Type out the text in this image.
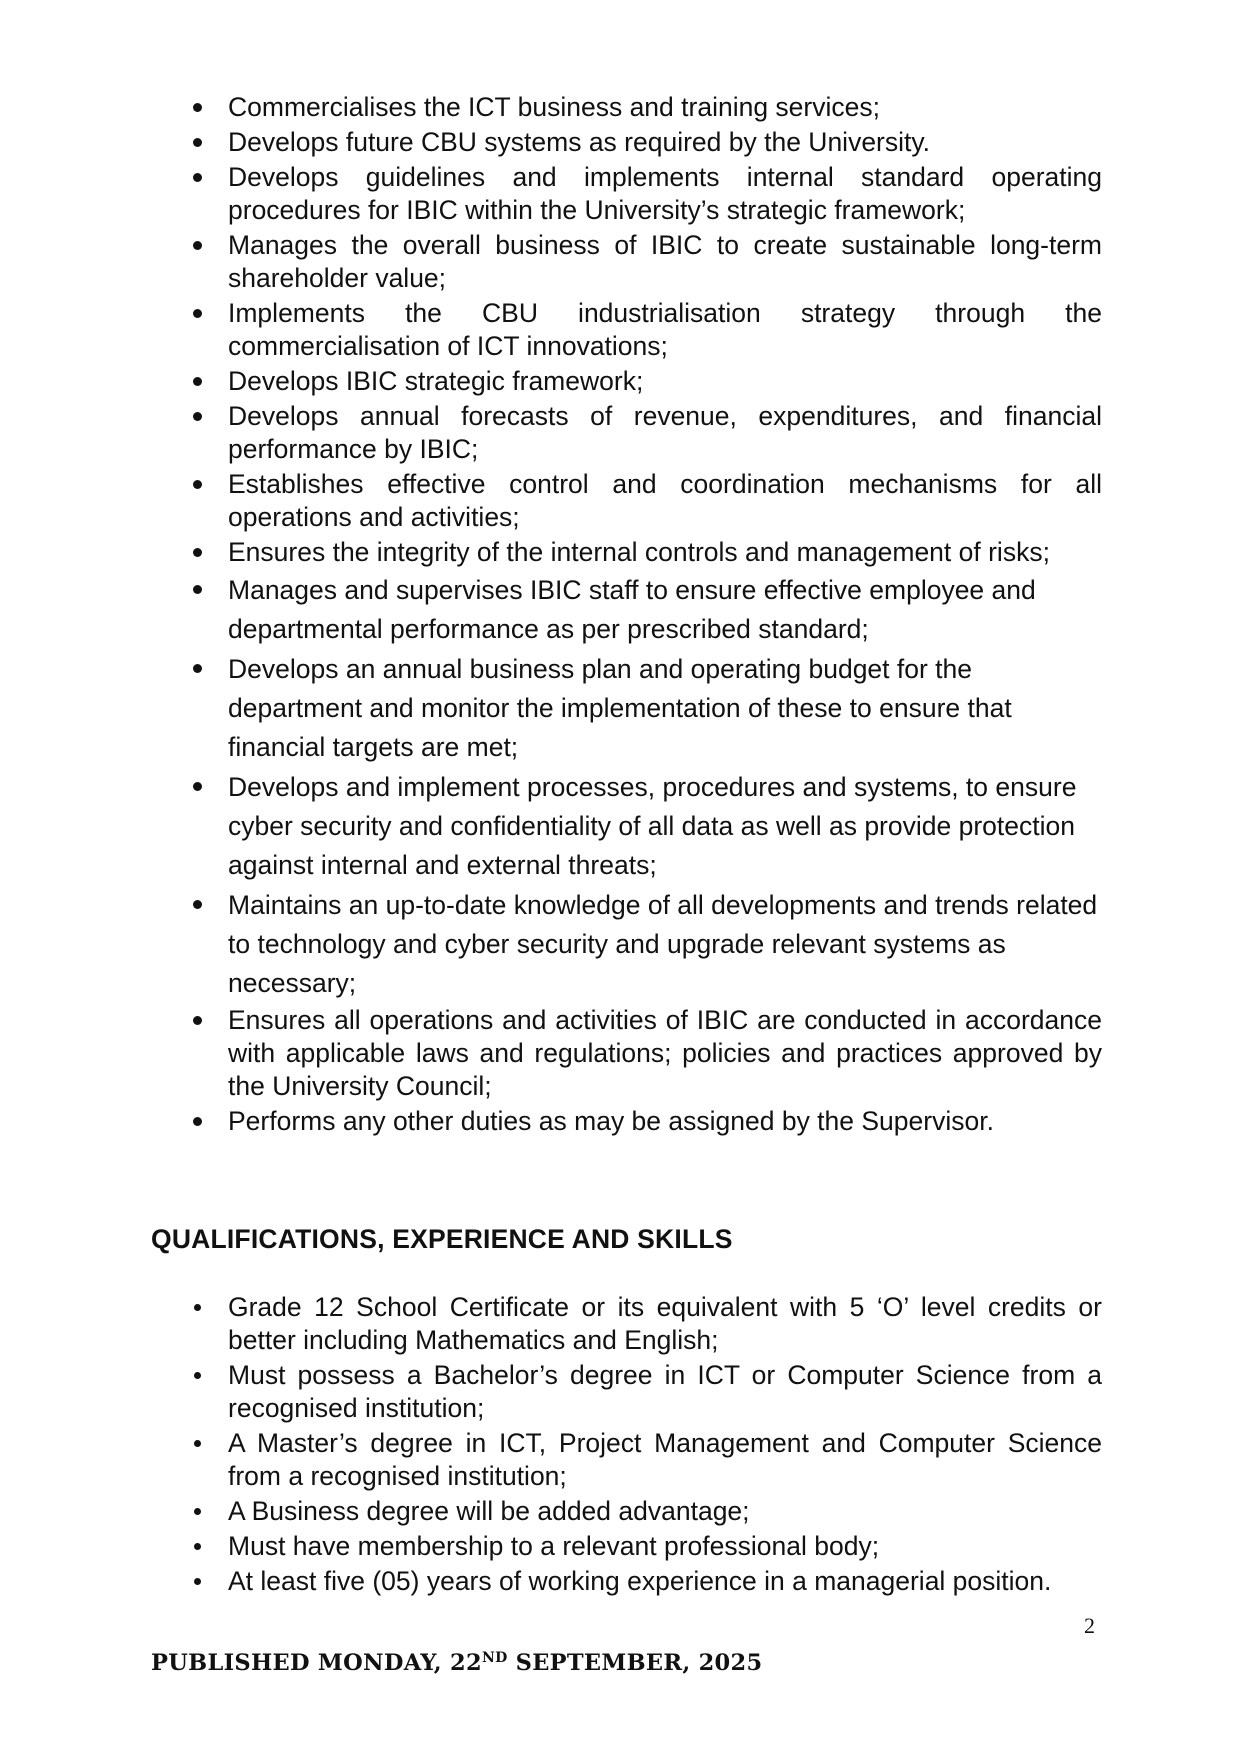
Commercialises the ICT business and training services;
Develops future CBU systems as required by the University.
Develops guidelines and implements internal standard operating procedures for IBIC within the University’s strategic framework;
Manages the overall business of IBIC to create sustainable long-term shareholder value;
Implements the CBU industrialisation strategy through the commercialisation of ICT innovations;
Develops IBIC strategic framework;
Develops annual forecasts of revenue, expenditures, and financial performance by IBIC;
Establishes effective control and coordination mechanisms for all operations and activities;
Ensures the integrity of the internal controls and management of risks;
Manages and supervises IBIC staff to ensure effective employee and departmental performance as per prescribed standard;
Develops an annual business plan and operating budget for the department and monitor the implementation of these to ensure that financial targets are met;
Develops and implement processes, procedures and systems, to ensure cyber security and confidentiality of all data as well as provide protection against internal and external threats;
Maintains an up-to-date knowledge of all developments and trends related to technology and cyber security and upgrade relevant systems as necessary;
Ensures all operations and activities of IBIC are conducted in accordance with applicable laws and regulations; policies and practices approved by the University Council;
Performs any other duties as may be assigned by the Supervisor.
QUALIFICATIONS, EXPERIENCE AND SKILLS
Grade 12 School Certificate or its equivalent with 5 ‘O’ level credits or better including Mathematics and English;
Must possess a Bachelor’s degree in ICT or Computer Science from a recognised institution;
A Master’s degree in ICT, Project Management and Computer Science from a recognised institution;
A Business degree will be added advantage;
Must have membership to a relevant professional body;
At least five (05) years of working experience in a managerial position.
2
PUBLISHED MONDAY, 22ND SEPTEMBER, 2025
